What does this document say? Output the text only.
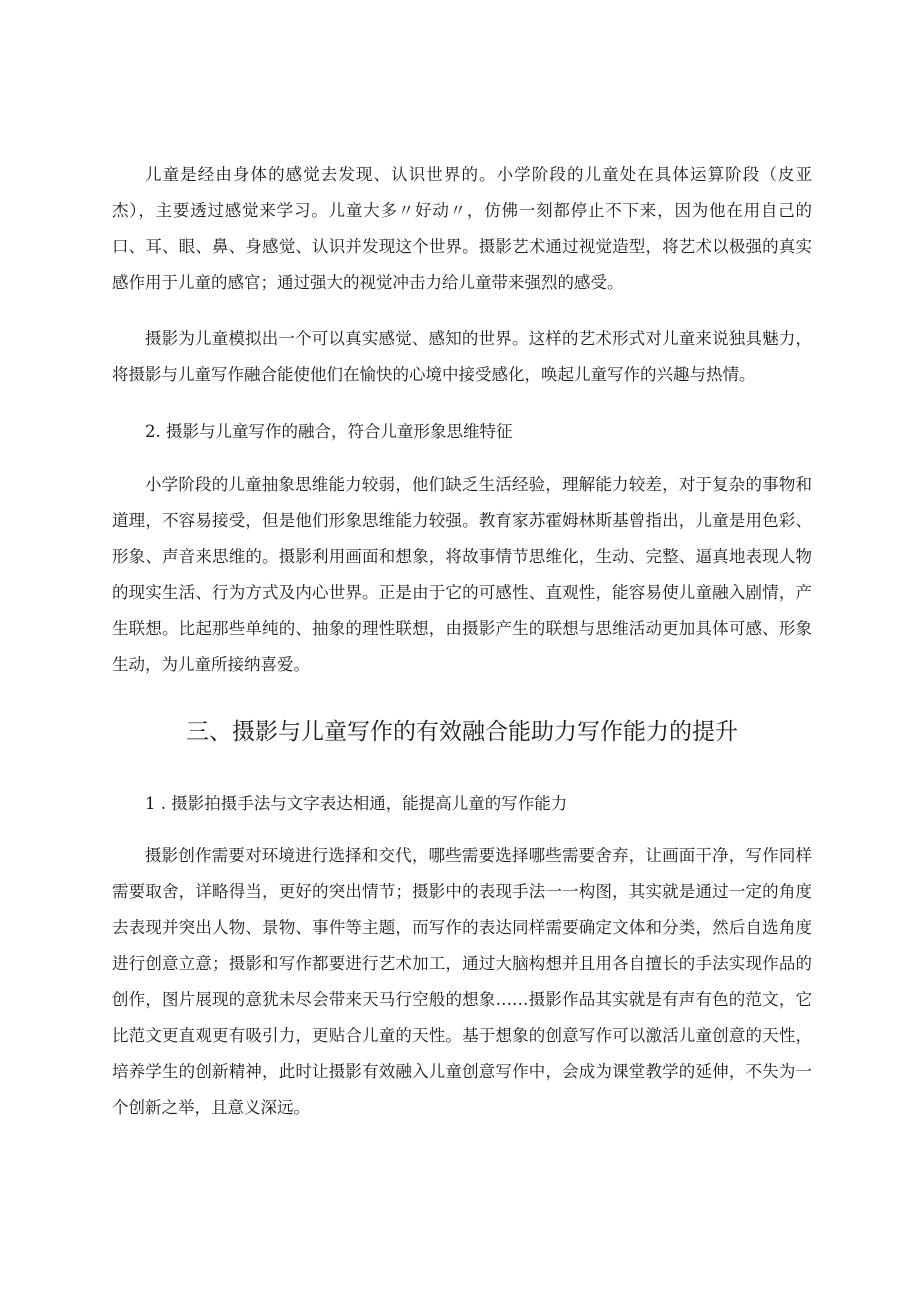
儿童是经由身体的感觉去发现、认识世界的。小学阶段的儿童处在具体运算阶段（皮亚杰），主要透过感觉来学习。儿童大多〃好动〃，仿佛一刻都停止不下来，因为他在用自己的口、耳、眼、鼻、身感觉、认识并发现这个世界。摄影艺术通过视觉造型，将艺术以极强的真实感作用于儿童的感官；通过强大的视觉冲击力给儿童带来强烈的感受。

摄影为儿童模拟出一个可以真实感觉、感知的世界。这样的艺术形式对儿童来说独具魅力，将摄影与儿童写作融合能使他们在愉快的心境中接受感化，唤起儿童写作的兴趣与热情。

2. 摄影与儿童写作的融合，符合儿童形象思维特征

小学阶段的儿童抽象思维能力较弱，他们缺乏生活经验，理解能力较差，对于复杂的事物和道理，不容易接受，但是他们形象思维能力较强。教育家苏霍姆林斯基曾指出，儿童是用色彩、形象、声音来思维的。摄影利用画面和想象，将故事情节思维化，生动、完整、逼真地表现人物的现实生活、行为方式及内心世界。正是由于它的可感性、直观性，能容易使儿童融入剧情，产生联想。比起那些单纯的、抽象的理性联想，由摄影产生的联想与思维活动更加具体可感、形象生动，为儿童所接纳喜爱。

三、摄影与儿童写作的有效融合能助力写作能力的提升

1 . 摄影拍摄手法与文字表达相通，能提高儿童的写作能力

摄影创作需要对环境进行选择和交代，哪些需要选择哪些需要舍弃，让画面干净，写作同样需要取舍，详略得当，更好的突出情节；摄影中的表现手法一一构图，其实就是通过一定的角度去表现并突出人物、景物、事件等主题，而写作的表达同样需要确定文体和分类，然后自选角度进行创意立意；摄影和写作都要进行艺术加工，通过大脑构想并且用各自擅长的手法实现作品的创作，图片展现的意犹未尽会带来天马行空般的想象……摄影作品其实就是有声有色的范文，它比范文更直观更有吸引力，更贴合儿童的天性。基于想象的创意写作可以激活儿童创意的天性，培养学生的创新精神，此时让摄影有效融入儿童创意写作中，会成为课堂教学的延伸，不失为一个创新之举，且意义深远。
